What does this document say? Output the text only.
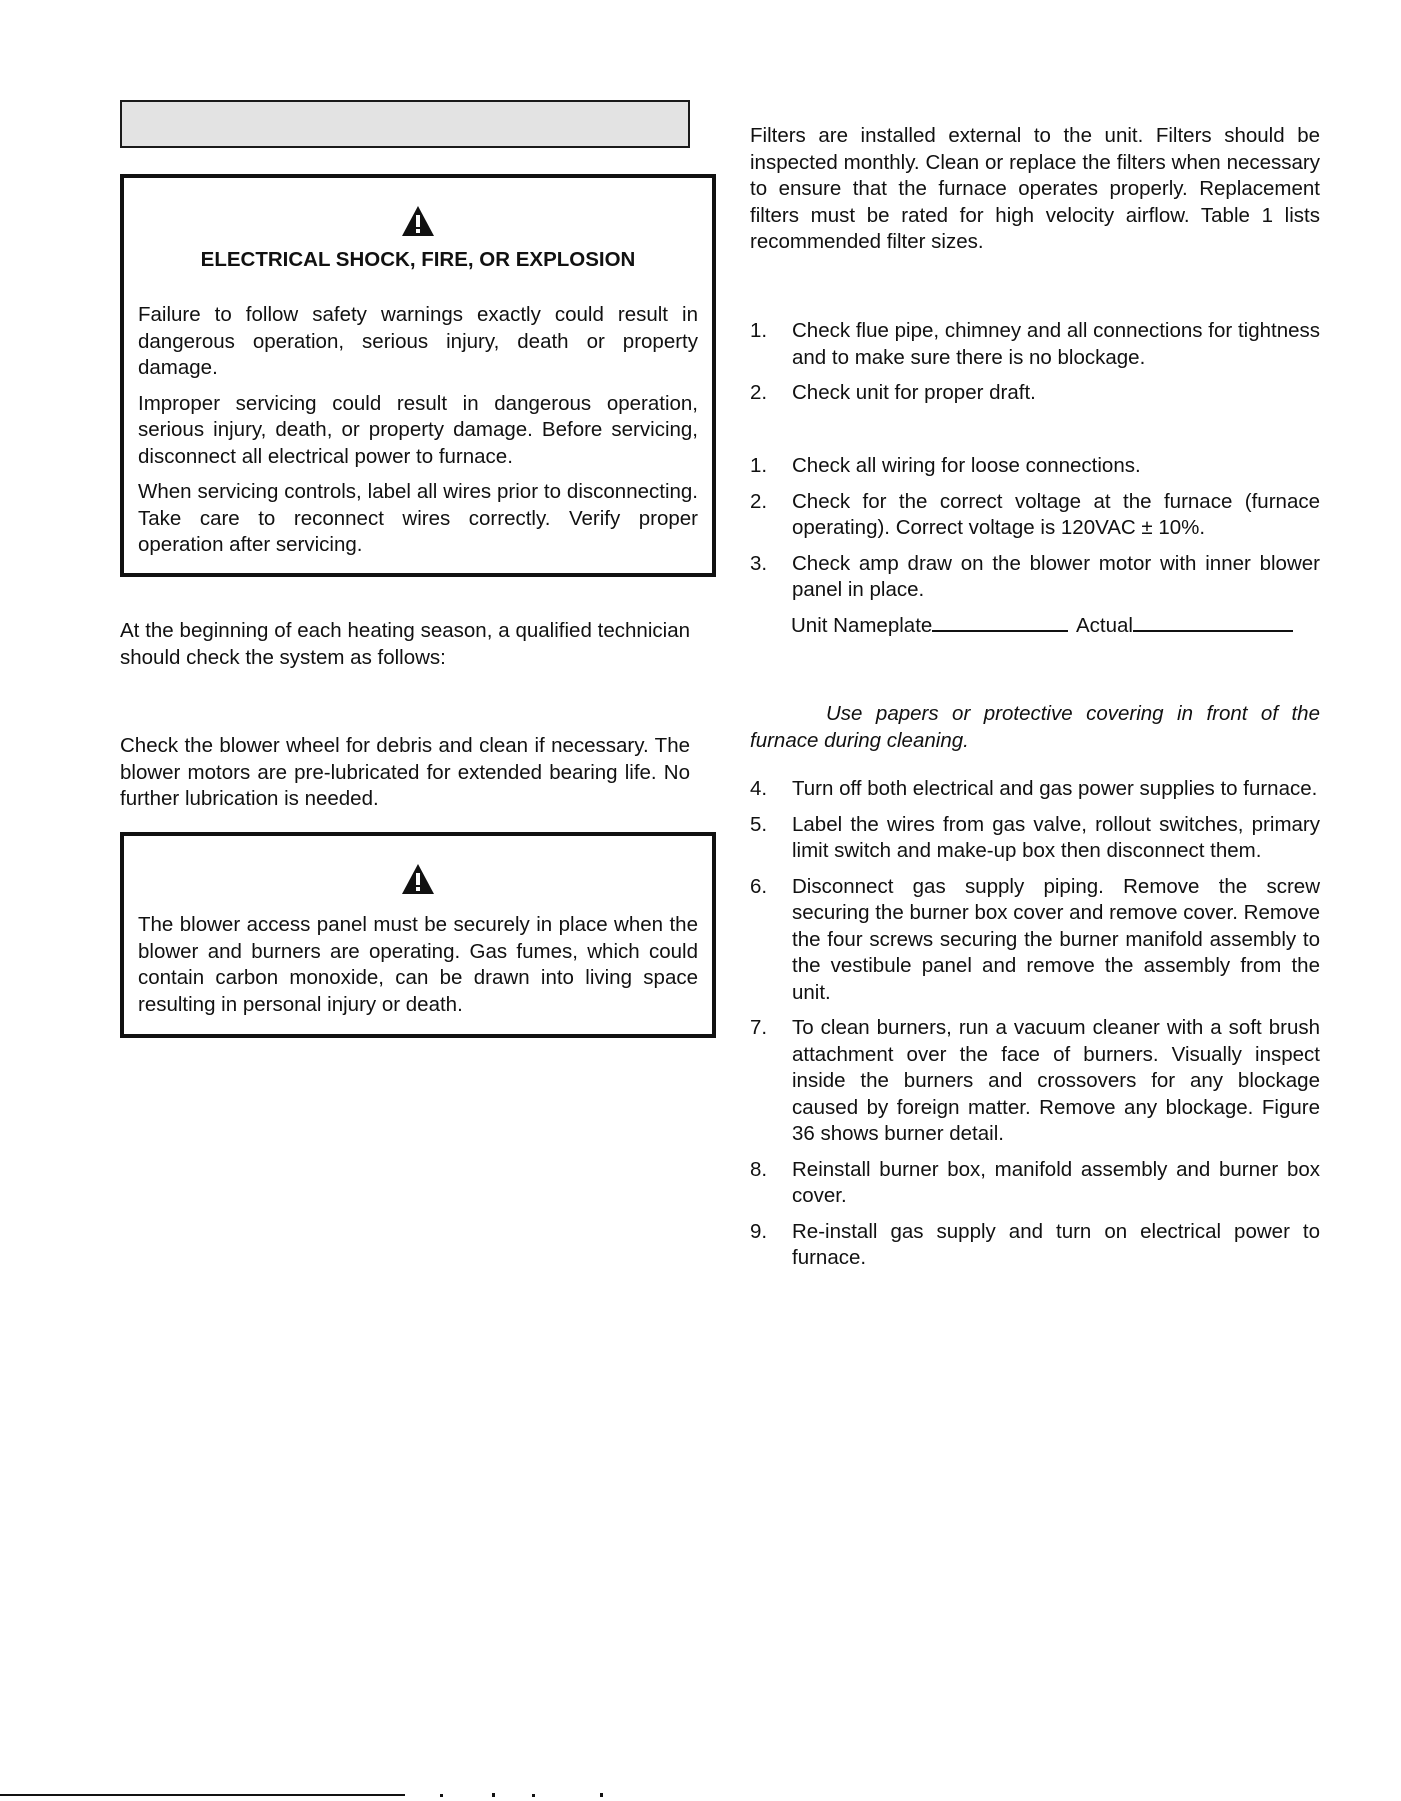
ELECTRICAL SHOCK, FIRE, OR EXPLOSION

Failure to follow safety warnings exactly could result in dangerous operation, serious injury, death or property damage.

Improper servicing could result in dangerous operation, serious injury, death, or property damage. Before servicing, disconnect all electrical power to furnace.

When servicing controls, label all wires prior to disconnecting. Take care to reconnect wires correctly. Verify proper operation after servicing.

At the beginning of each heating season, a qualified technician should check the system as follows:

Check the blower wheel for debris and clean if necessary. The blower motors are pre-lubricated for extended bearing life. No further lubrication is needed.

The blower access panel must be securely in place when the blower and burners are operating. Gas fumes, which could contain carbon monoxide, can be drawn into living space resulting in personal injury or death.

Filters are installed external to the unit. Filters should be inspected monthly. Clean or replace the filters when necessary to ensure that the furnace operates properly. Replacement filters must be rated for high velocity airflow. Table 1 lists recommended filter sizes.

1. Check flue pipe, chimney and all connections for tightness and to make sure there is no blockage.
2. Check unit for proper draft.
1. Check all wiring for loose connections.
2. Check for the correct voltage at the furnace (furnace operating). Correct voltage is 120VAC ± 10%.
3. Check amp draw on the blower motor with inner blower panel in place.
Unit Nameplate	Actual

Use papers or protective covering in front of the furnace during cleaning.

4. Turn off both electrical and gas power supplies to furnace.
5. Label the wires from gas valve, rollout switches, primary limit switch and make-up box then disconnect them.
6. Disconnect gas supply piping. Remove the screw securing the burner box cover and remove cover. Remove the four screws securing the burner manifold assembly to the vestibule panel and remove the assembly from the unit.
7. To clean burners, run a vacuum cleaner with a soft brush attachment over the face of burners. Visually inspect inside the burners and crossovers for any blockage caused by foreign matter. Remove any blockage. Figure 36 shows burner detail.
8. Reinstall burner box, manifold assembly and burner box cover.
9. Re-install gas supply and turn on electrical power to furnace.
